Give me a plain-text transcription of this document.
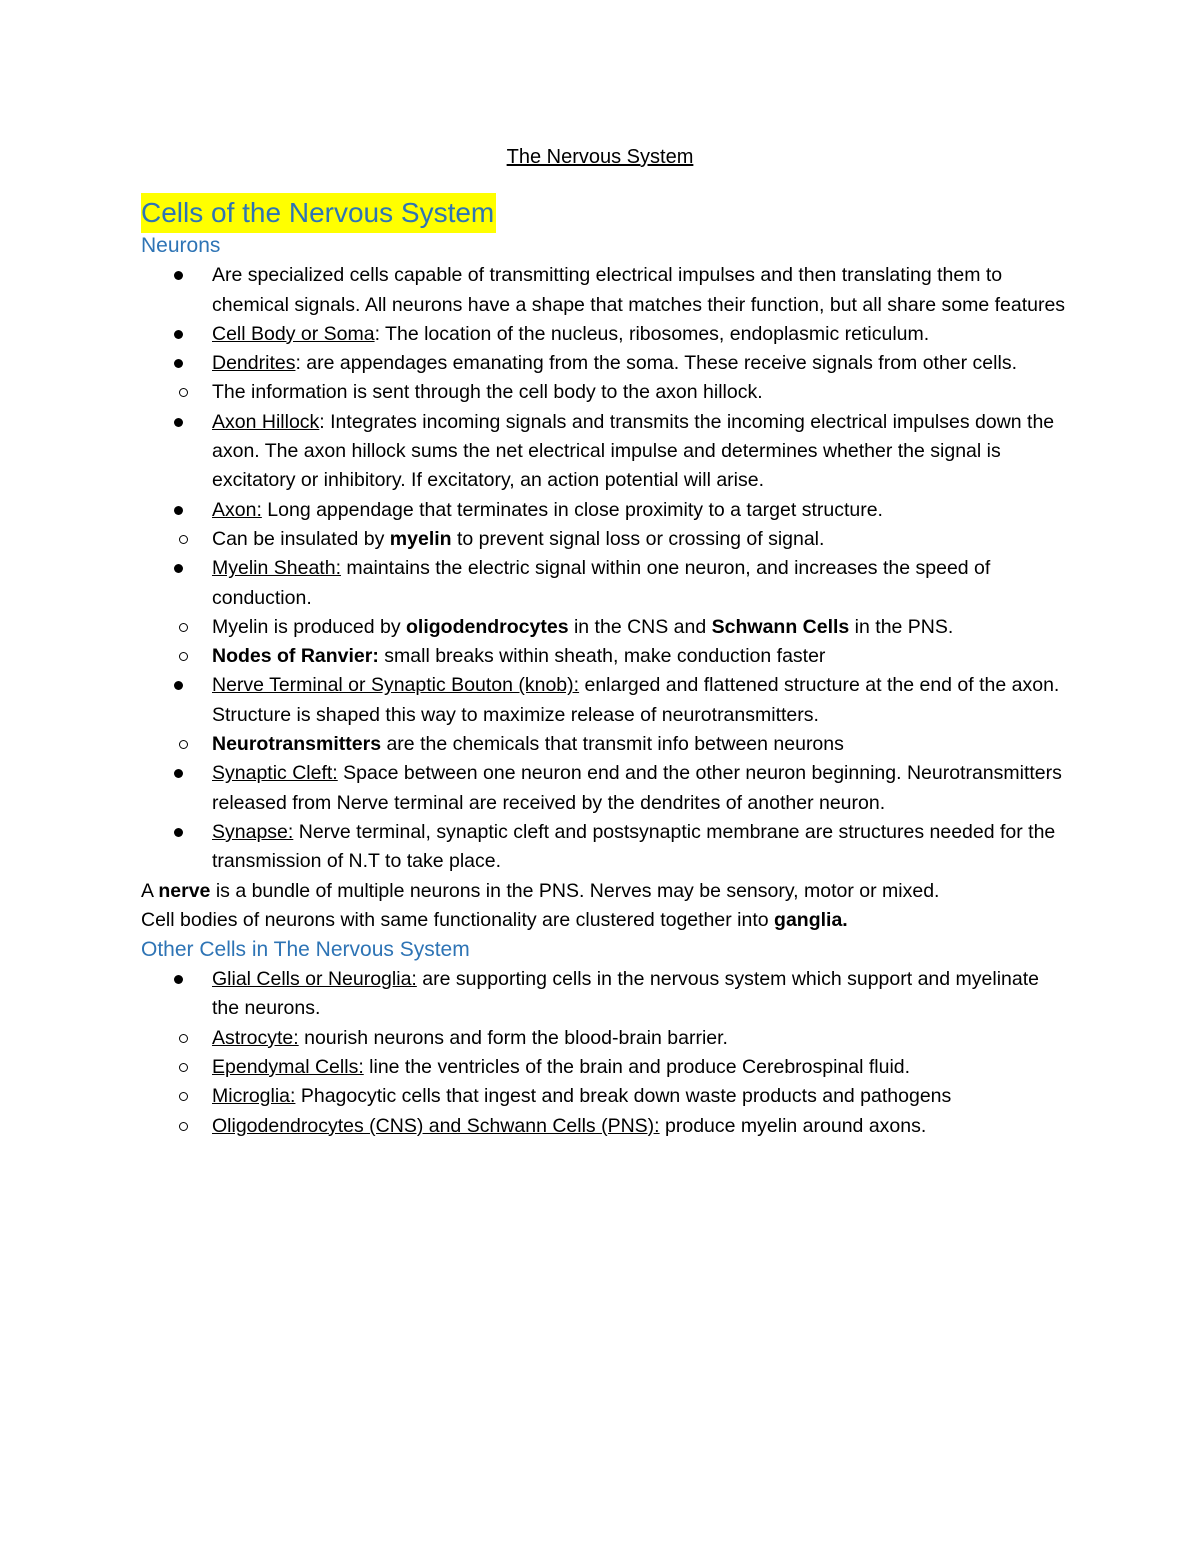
The Nervous System
Cells of the Nervous System
Neurons
Are specialized cells capable of transmitting electrical impulses and then translating them to chemical signals. All neurons have a shape that matches their function, but all share some features
Cell Body or Soma: The location of the nucleus, ribosomes, endoplasmic reticulum.
Dendrites: are appendages emanating from the soma. These receive signals from other cells.
The information is sent through the cell body to the axon hillock.
Axon Hillock: Integrates incoming signals and transmits the incoming electrical impulses down the axon. The axon hillock sums the net electrical impulse and determines whether the signal is excitatory or inhibitory. If excitatory, an action potential will arise.
Axon: Long appendage that terminates in close proximity to a target structure.
Can be insulated by myelin to prevent signal loss or crossing of signal.
Myelin Sheath: maintains the electric signal within one neuron, and increases the speed of conduction.
Myelin is produced by oligodendrocytes in the CNS and Schwann Cells in the PNS.
Nodes of Ranvier: small breaks within sheath, make conduction faster
Nerve Terminal or Synaptic Bouton (knob): enlarged and flattened structure at the end of the axon. Structure is shaped this way to maximize release of neurotransmitters.
Neurotransmitters are the chemicals that transmit info between neurons
Synaptic Cleft: Space between one neuron end and the other neuron beginning. Neurotransmitters released from Nerve terminal are received by the dendrites of another neuron.
Synapse: Nerve terminal, synaptic cleft and postsynaptic membrane are structures needed for the transmission of N.T to take place.

A nerve is a bundle of multiple neurons in the PNS. Nerves may be sensory, motor or mixed.

Cell bodies of neurons with same functionality are clustered together into ganglia.

Other Cells in The Nervous System
Glial Cells or Neuroglia: are supporting cells in the nervous system which support and myelinate the neurons.
Astrocyte: nourish neurons and form the blood-brain barrier.
Ependymal Cells: line the ventricles of the brain and produce Cerebrospinal fluid.
Microglia: Phagocytic cells that ingest and break down waste products and pathogens
Oligodendrocytes (CNS) and Schwann Cells (PNS): produce myelin around axons.
